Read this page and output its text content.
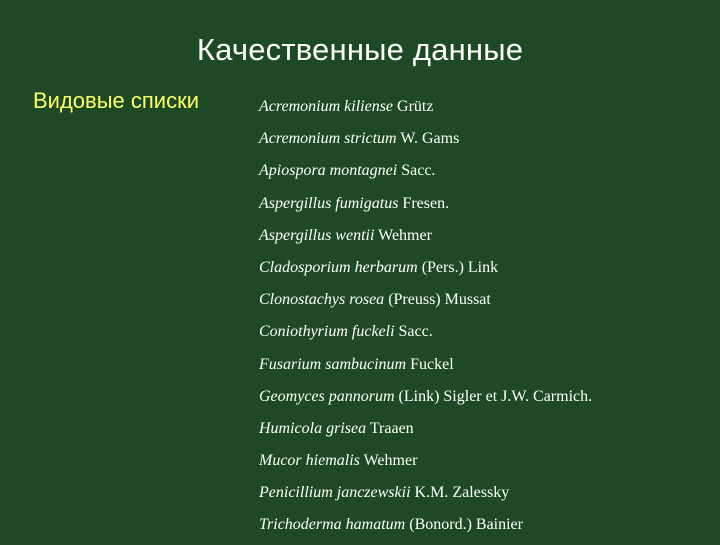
Качественные данные
Видовые списки	Acremonium kiliense Grütz
Acremonium strictum W. Gams
Apiospora montagnei Sacc.
Aspergillus fumigatus Fresen.
Aspergillus wentii Wehmer
Cladosporium herbarum (Pers.) Link
Clonostachys rosea (Preuss) Mussat
Coniothyrium fuckeli Sacc.
Fusarium sambucinum Fuckel
Geomyces pannorum (Link) Sigler et J.W. Carmich.
Humicola grisea Traaen
Mucor hiemalis Wehmer
Penicillium janczewskii K.M. Zalessky
Trichoderma hamatum (Bonord.) Bainier
